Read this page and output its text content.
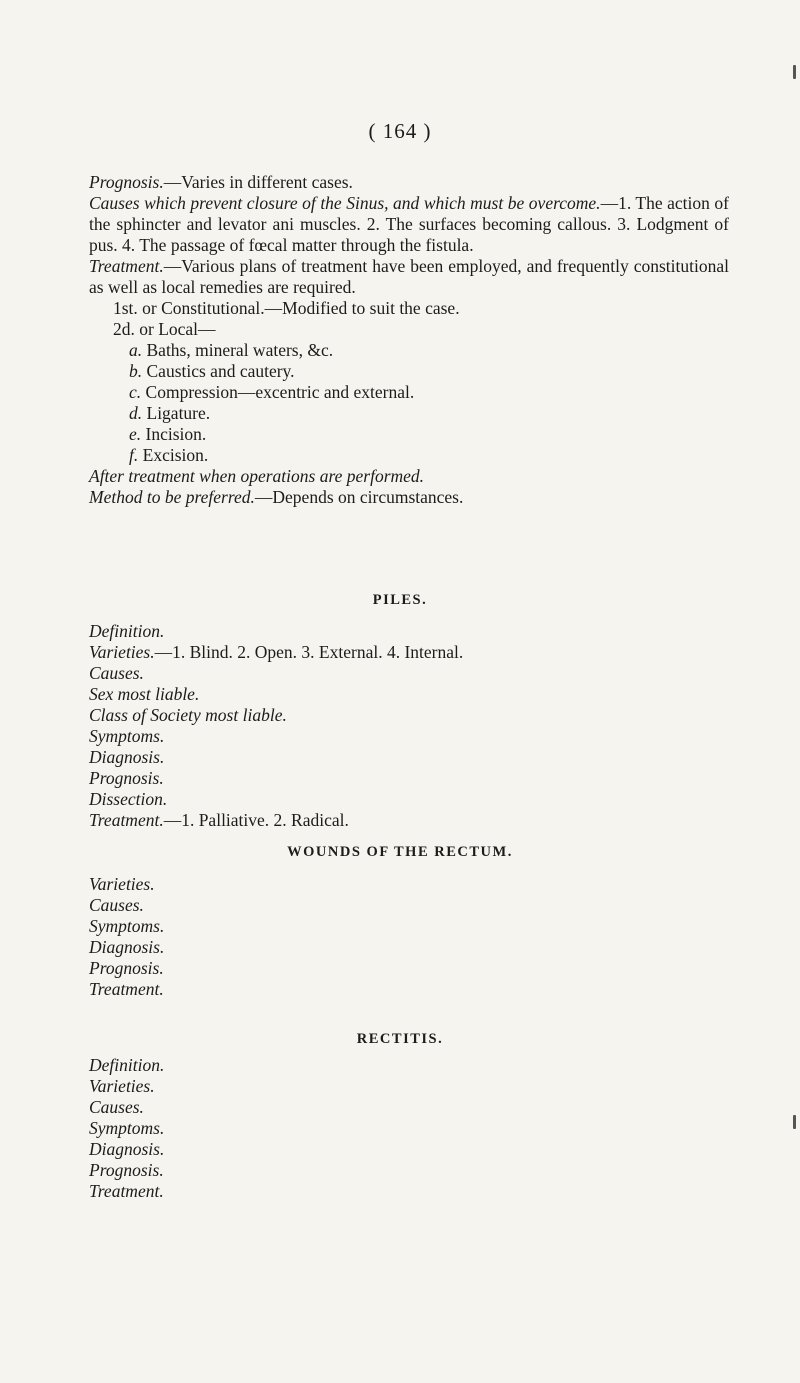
( 164 )
Prognosis.—Varies in different cases.
Causes which prevent closure of the Sinus, and which must be overcome.—1. The action of the sphincter and levator ani muscles. 2. The surfaces becoming callous. 3. Lodgment of pus. 4. The passage of fœcal matter through the fistula.
Treatment.—Various plans of treatment have been employed, and frequently constitutional as well as local remedies are required.
1st. or Constitutional.—Modified to suit the case.
2d. or Local—
a. Baths, mineral waters, &c.
b. Caustics and cautery.
c. Compression—excentric and external.
d. Ligature.
e. Incision.
f. Excision.
After treatment when operations are performed.
Method to be preferred.—Depends on circumstances.
PILES.
Definition.
Varieties.—1. Blind. 2. Open. 3. External. 4. Internal.
Causes.
Sex most liable.
Class of Society most liable.
Symptoms.
Diagnosis.
Prognosis.
Dissection.
Treatment.—1. Palliative. 2. Radical.
WOUNDS OF THE RECTUM.
Varieties.
Causes.
Symptoms.
Diagnosis.
Prognosis.
Treatment.
RECTITIS.
Definition.
Varieties.
Causes.
Symptoms.
Diagnosis.
Prognosis.
Treatment.
